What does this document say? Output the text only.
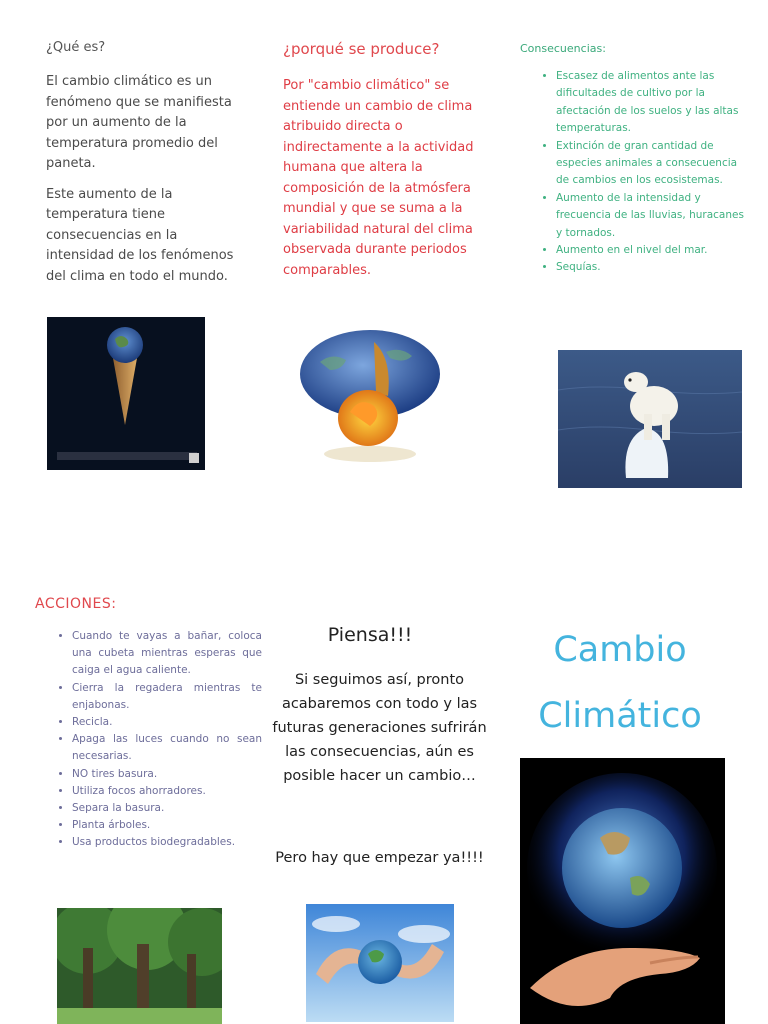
¿Qué es?

El cambio climático es un fenómeno que se manifiesta por un aumento de la temperatura promedio del paneta.

Este aumento de la temperatura tiene consecuencias en la intensidad de los fenómenos del clima en todo el mundo.

¿porqué se produce?
Por "cambio climático" se entiende un cambio de clima atribuido directa o indirectamente a la actividad humana que altera la composición de la atmósfera mundial y que se suma a la variabilidad natural del clima observada durante periodos comparables.
Consecuencias:
• Escasez de alimentos ante las dificultades de cultivo por la afectación de los suelos y las altas temperaturas.
• Extinción de gran cantidad de especies animales a consecuencia de cambios en los ecosistemas.
• Aumento de la intensidad y frecuencia de las lluvias, huracanes y tornados.
• Aumento en el nivel del mar.
• Sequías.
ACCIONES:
• Cuando te vayas a bañar, coloca una cubeta mientras esperas que caiga el agua caliente.
• Cierra la regadera mientras te enjabonas.
• Recicla.
• Apaga las luces cuando no sean necesarias.
• NO tires basura.
• Utiliza focos ahorradores.
• Separa la basura.
• Planta árboles.
• Usa productos biodegradables.
Piensa!!!
Si seguimos así, pronto acabaremos con todo y las futuras generaciones sufrirán las consecuencias, aún es posible hacer un cambio…
Pero hay que empezar ya!!!!
Cambio
Climático
